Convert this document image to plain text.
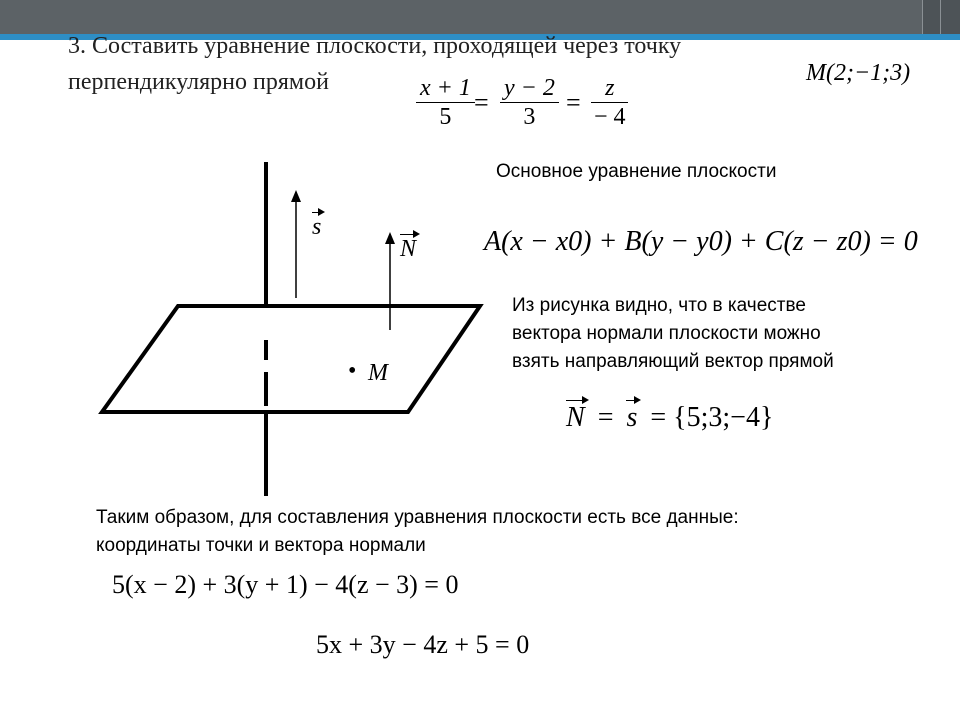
3. Составить уравнение плоскости, проходящей через точку
перпендикулярно прямой	M(2;−1;3)
$\frac{x + 1}{5} = \frac{y - 2}{3} = \frac{z}{- 4}$
s
N
• M
Основное уравнение плоскости
A(x − x0) + B(y − y0) + C(z − z0) = 0
Из рисунка видно, что в качестве
вектора нормали плоскости можно
взять направляющий вектор прямой
N = s = {5;3;−4}
Таким образом, для составления уравнения плоскости есть все данные:
координаты точки и вектора нормали
5(x − 2) + 3(y + 1) − 4(z − 3) = 0
5x + 3y − 4z + 5 = 0
